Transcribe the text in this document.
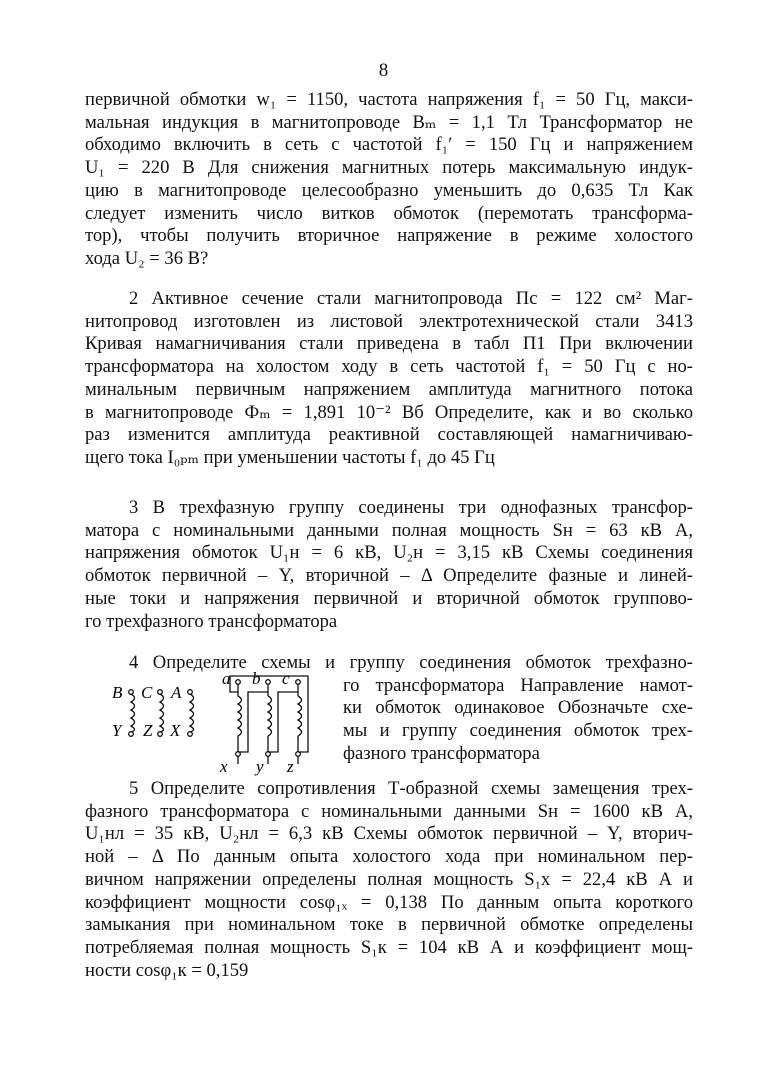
8
первичной обмотки w₁ = 1150, частота напряжения f₁ = 50 Гц, макси-
мальная индукция в магнитопроводе Bₘ = 1,1 Тл Трансформатор не
обходимо включить в сеть с частотой f₁′ = 150 Гц и напряжением
U₁ = 220 В Для снижения магнитных потерь максимальную индук-
цию в магнитопроводе целесообразно уменьшить до 0,635 Тл Как
следует изменить число витков обмоток (перемотать трансформа-
тор), чтобы получить вторичное напряжение в режиме холостого
хода U₂ = 36 В?
2 Активное сечение стали магнитопровода Пс = 122 см² Маг-
нитопровод изготовлен из листовой электротехнической стали 3413
Кривая намагничивания стали приведена в табл П1 При включении
трансформатора на холостом ходу в сеть частотой f₁ = 50 Гц с но-
минальным первичным напряжением амплитуда магнитного потока
в магнитопроводе Фₘ = 1,891 10⁻² Вб Определите, как и во сколько
раз изменится амплитуда реактивной составляющей намагничиваю-
щего тока I₀ₚₘ при уменьшении частоты f₁ до 45 Гц
3 В трехфазную группу соединены три однофазных трансфор-
матора с номинальными данными полная мощность Sн = 63 кВ А,
напряжения обмоток U₁н = 6 кВ, U₂н = 3,15 кВ Схемы соединения
обмоток первичной – Y, вторичной – Δ Определите фазные и линей-
ные токи и напряжения первичной и вторичной обмоток группово-
го трехфазного трансформатора
4 Определите схемы и группу соединения обмоток трехфазно-
го трансформатора Направление намот-
ки обмоток одинаковое Обозначьте схе-
мы и группу соединения обмоток трех-
фазного трансформатора
B C A
Y Z X
a b c
x y z
5 Определите сопротивления Т-образной схемы замещения трех-
фазного трансформатора с номинальными данными Sн = 1600 кВ А,
U₁нл = 35 кВ, U₂нл = 6,3 кВ Схемы обмоток первичной – Y, вторич-
ной – Δ По данным опыта холостого хода при номинальном пер-
вичном напряжении определены полная мощность S₁x = 22,4 кВ А и
коэффициент мощности cosφ₁ₓ = 0,138 По данным опыта короткого
замыкания при номинальном токе в первичной обмотке определены
потребляемая полная мощность S₁к = 104 кВ А и коэффициент мощ-
ности cosφ₁к = 0,159
